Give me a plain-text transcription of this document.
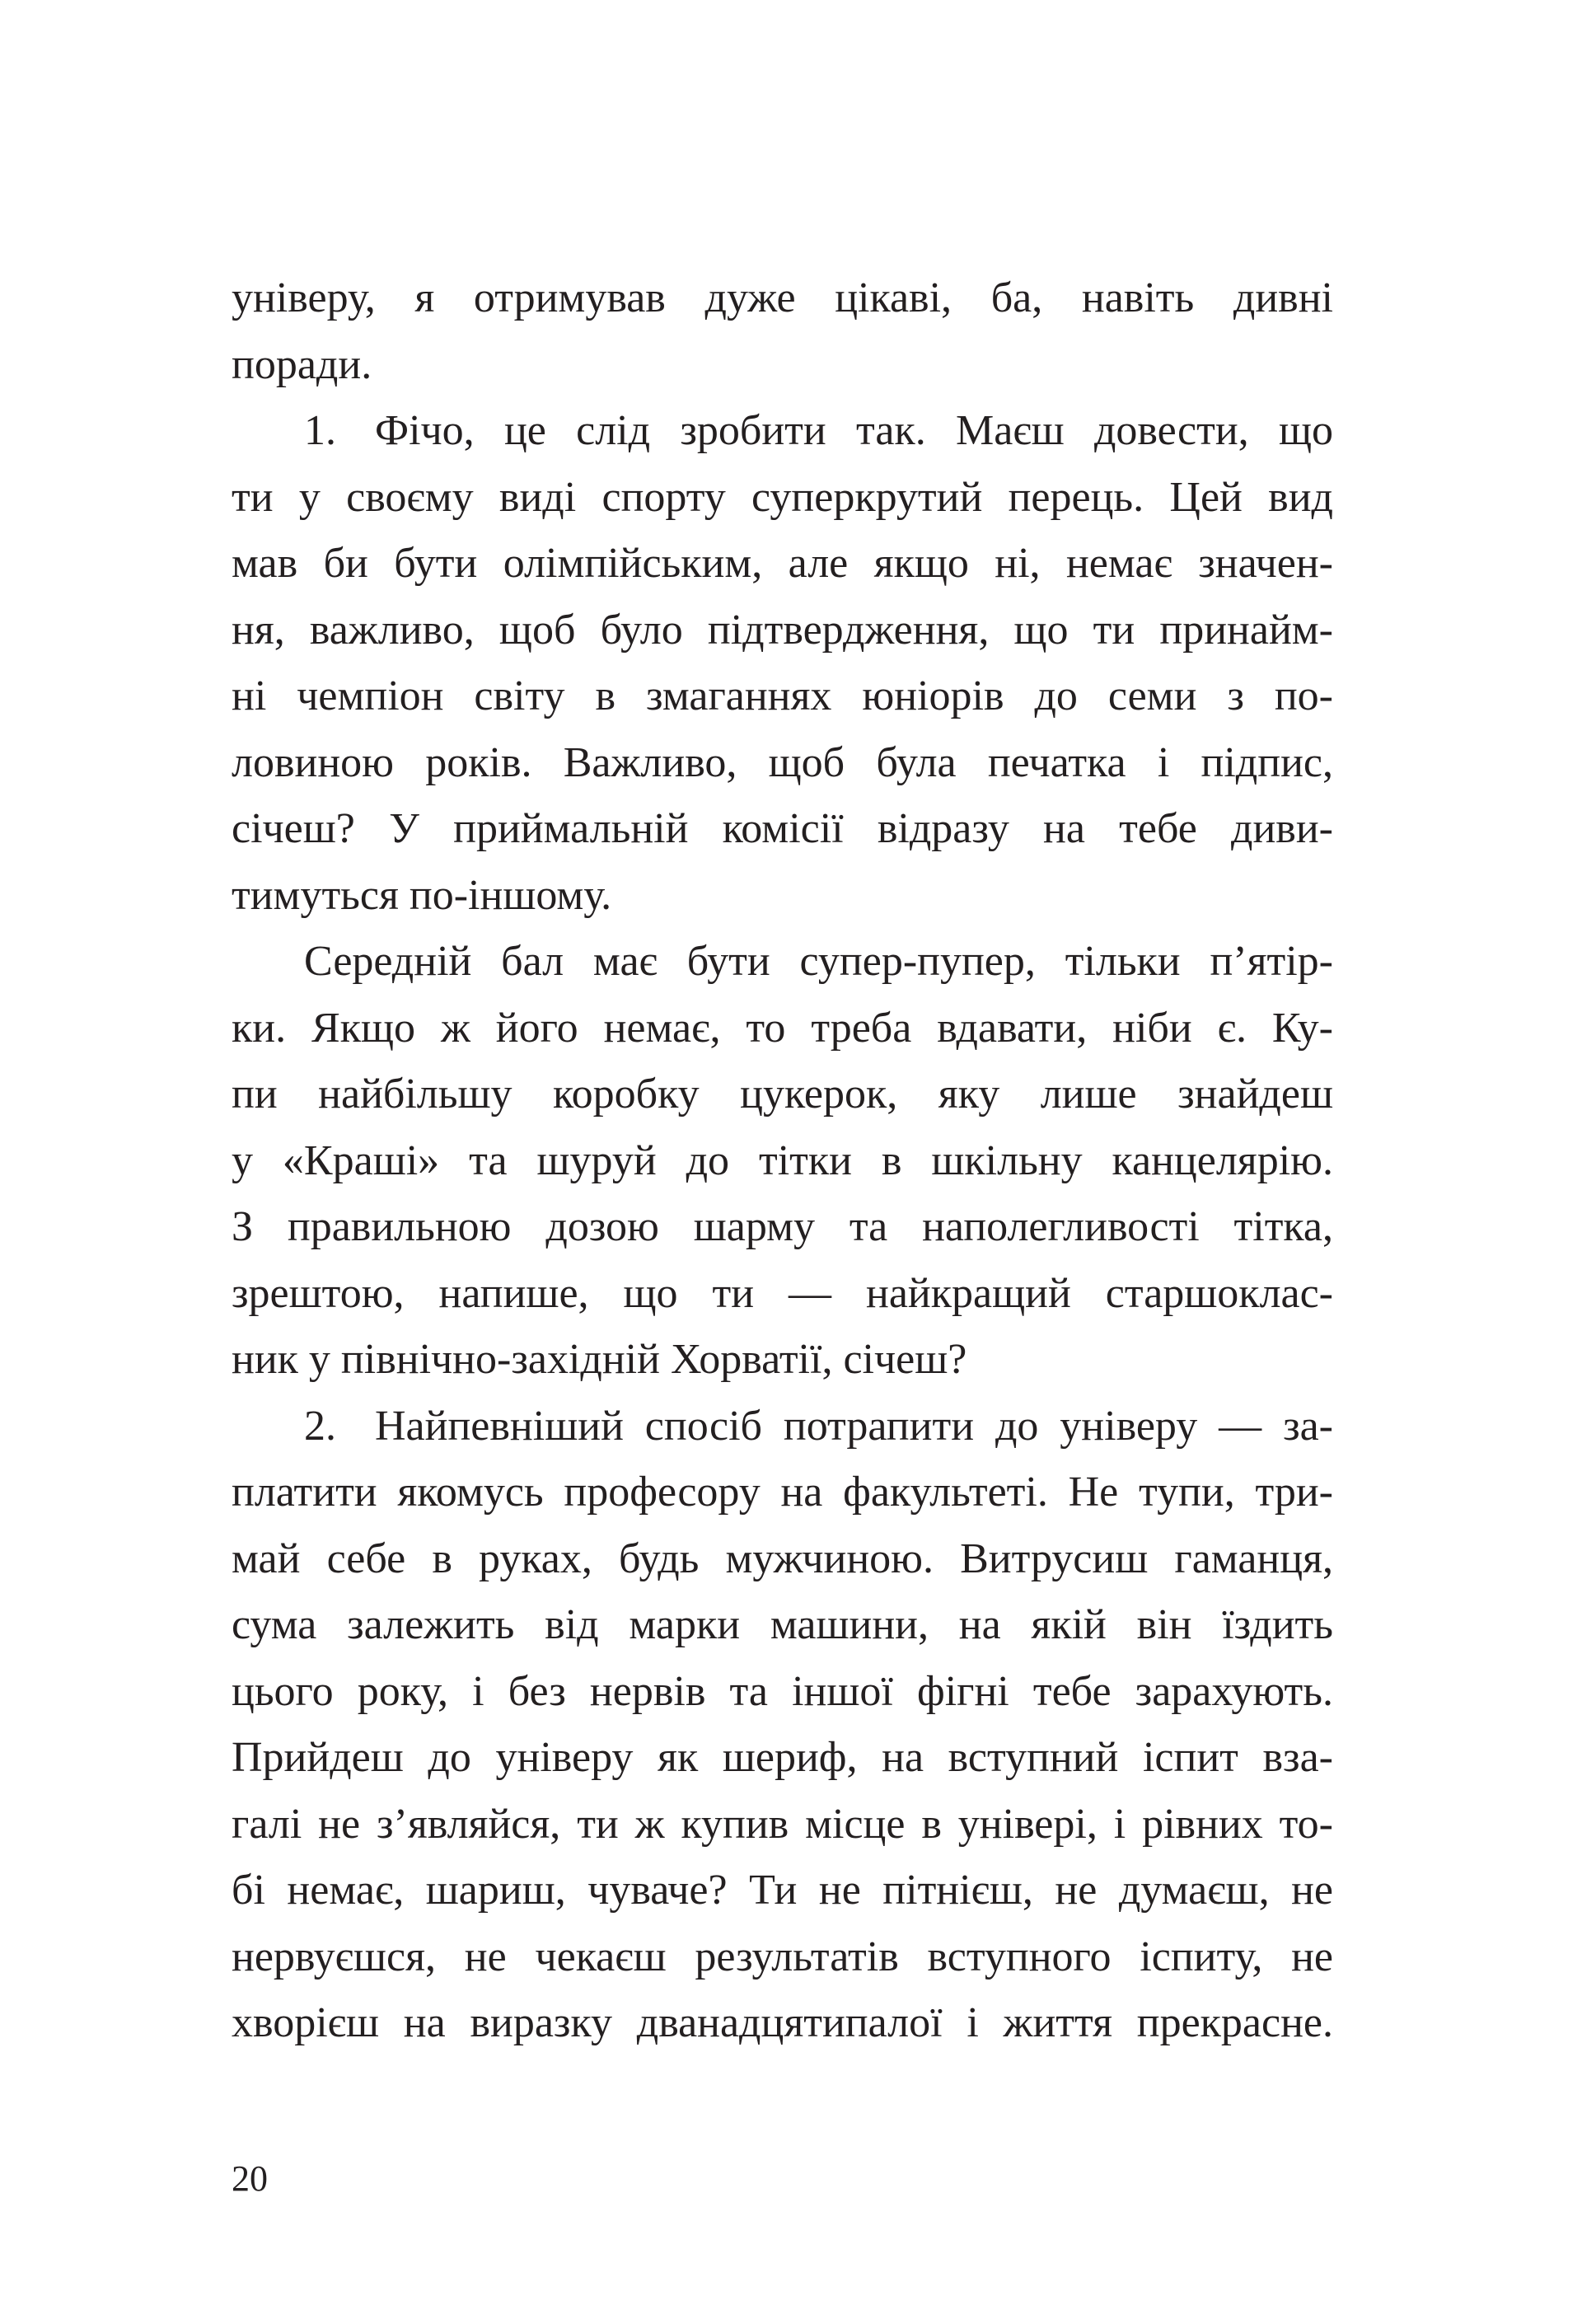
універу, я отримував дуже цікаві, ба, навіть дивні
поради.
1. Фічо, це слід зробити так. Маєш довести, що
ти у своєму виді спорту суперкрутий перець. Цей вид
мав би бути олімпійським, але якщо ні, немає значен-
ня, важливо, щоб було підтвердження, що ти принайм-
ні чемпіон світу в змаганнях юніорів до семи з по-
ловиною років. Важливо, щоб була печатка і підпис,
січеш? У приймальній комісії відразу на тебе диви-
тимуться по-іншому.
Середній бал має бути супер-пупер, тільки п’ятір-
ки. Якщо ж його немає, то треба вдавати, ніби є. Ку-
пи найбільшу коробку цукерок, яку лише знайдеш
у «Краші» та шуруй до тітки в шкільну канцелярію.
З правильною дозою шарму та наполегливості тітка,
зрештою, напише, що ти — найкращий старшоклас-
ник у північно-західній Хорватії, січеш?
2. Найпевніший спосіб потрапити до універу — за-
платити якомусь професору на факультеті. Не тупи, три-
май себе в руках, будь мужчиною. Витрусиш гаманця,
сума залежить від марки машини, на якій він їздить
цього року, і без нервів та іншої фігні тебе зарахують.
Прийдеш до універу як шериф, на вступний іспит вза-
галі не з’являйся, ти ж купив місце в універі, і рівних то-
бі немає, шариш, чуваче? Ти не пітнієш, не думаєш, не
нервуєшся, не чекаєш результатів вступного іспиту, не
хворієш на виразку дванадцятипалої і життя прекрасне.
20
